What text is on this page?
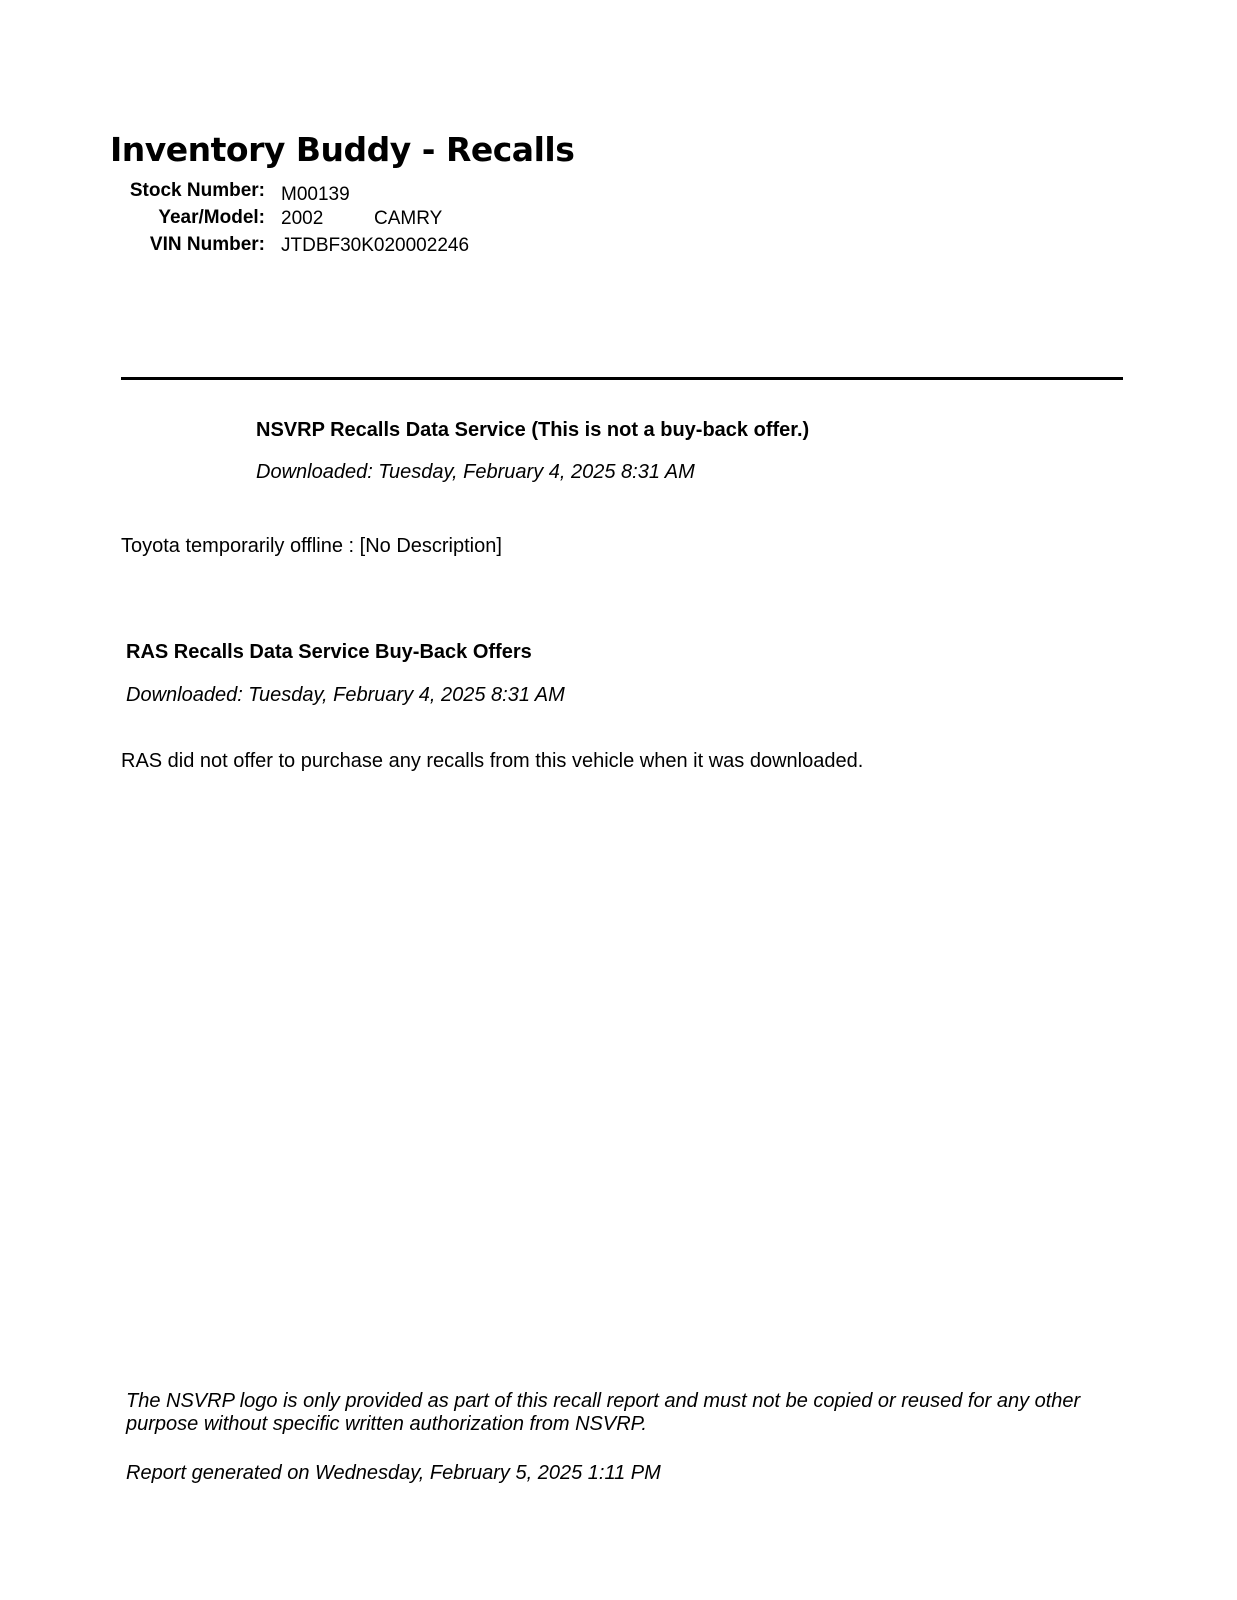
Inventory Buddy - Recalls
Stock Number: M00139
Year/Model: 2002	CAMRY
VIN Number: JTDBF30K020002246
NSVRP Recalls Data Service (This is not a buy-back offer.)
Downloaded: Tuesday, February 4, 2025 8:31 AM
Toyota temporarily offline : [No Description]
RAS Recalls Data Service Buy-Back Offers
Downloaded: Tuesday, February 4, 2025 8:31 AM
RAS did not offer to purchase any recalls from this vehicle when it was downloaded.
The NSVRP logo is only provided as part of this recall report and must not be copied or reused for any other purpose without specific written authorization from NSVRP.
Report generated on Wednesday, February 5, 2025 1:11 PM
